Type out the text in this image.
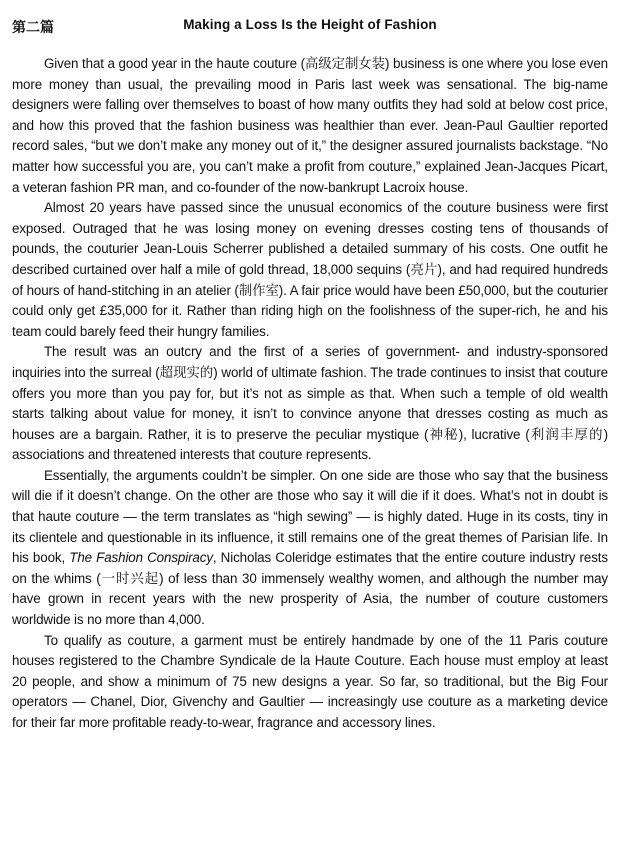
第二篇	Making a Loss Is the Height of Fashion

Given that a good year in the haute couture (高级定制女装) business is one where you lose even more money than usual, the prevailing mood in Paris last week was sensational. The big-name designers were falling over themselves to boast of how many outfits they had sold at below cost price, and how this proved that the fashion business was healthier than ever. Jean-Paul Gaultier reported record sales, “but we don’t make any money out of it,” the designer assured journalists backstage. “No matter how successful you are, you can’t make a profit from couture,” explained Jean-Jacques Picart, a veteran fashion PR man, and co-founder of the now-bankrupt Lacroix house.

Almost 20 years have passed since the unusual economics of the couture business were first exposed. Outraged that he was losing money on evening dresses costing tens of thousands of pounds, the couturier Jean-Louis Scherrer published a detailed summary of his costs. One outfit he described curtained over half a mile of gold thread, 18,000 sequins (亮片), and had required hundreds of hours of hand-stitching in an atelier (制作室). A fair price would have been £50,000, but the couturier could only get £35,000 for it. Rather than riding high on the foolishness of the super-rich, he and his team could barely feed their hungry families.

The result was an outcry and the first of a series of government- and industry-sponsored inquiries into the surreal (超现实的) world of ultimate fashion. The trade continues to insist that couture offers you more than you pay for, but it’s not as simple as that. When such a temple of old wealth starts talking about value for money, it isn’t to convince anyone that dresses costing as much as houses are a bargain. Rather, it is to preserve the peculiar mystique (神秘), lucrative (利润丰厚的) associations and threatened interests that couture represents.

Essentially, the arguments couldn’t be simpler. On one side are those who say that the business will die if it doesn’t change. On the other are those who say it will die if it does. What’s not in doubt is that haute couture — the term translates as “high sewing” — is highly dated. Huge in its costs, tiny in its clientele and questionable in its influence, it still remains one of the great themes of Parisian life. In his book, The Fashion Conspiracy, Nicholas Coleridge estimates that the entire couture industry rests on the whims (一时兴起) of less than 30 immensely wealthy women, and although the number may have grown in recent years with the new prosperity of Asia, the number of couture customers worldwide is no more than 4,000.

To qualify as couture, a garment must be entirely handmade by one of the 11 Paris couture houses registered to the Chambre Syndicale de la Haute Couture. Each house must employ at least 20 people, and show a minimum of 75 new designs a year. So far, so traditional, but the Big Four operators — Chanel, Dior, Givenchy and Gaultier — increasingly use couture as a marketing device for their far more profitable ready-to-wear, fragrance and accessory lines.
